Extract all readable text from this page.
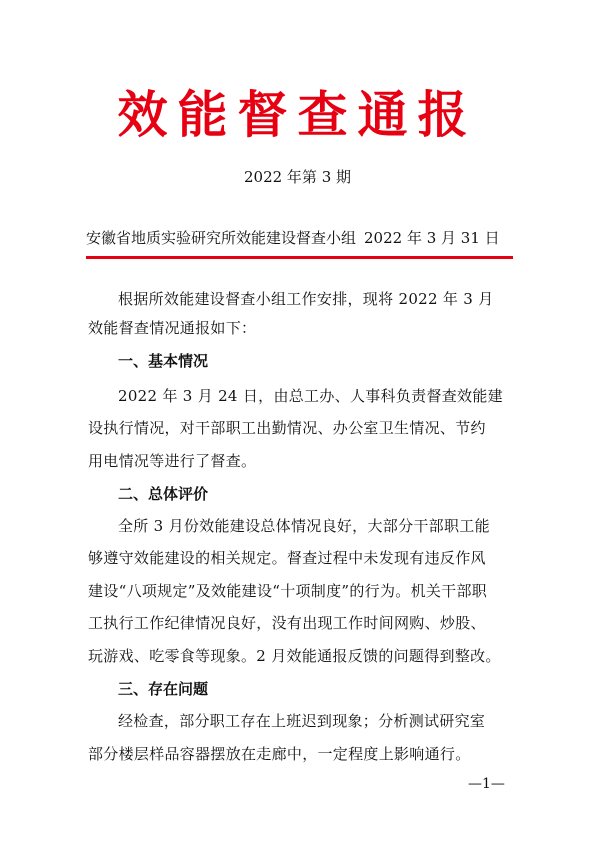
效能督查通报
2022 年第 3 期
安徽省地质实验研究所效能建设督查小组 2022 年 3 月 31 日
根据所效能建设督查小组工作安排，现将 2022 年 3 月
效能督查情况通报如下：
一、基本情况
2022 年 3 月 24 日，由总工办、人事科负责督查效能建
设执行情况，对干部职工出勤情况、办公室卫生情况、节约
用电情况等进行了督查。
二、总体评价
全所 3 月份效能建设总体情况良好，大部分干部职工能
够遵守效能建设的相关规定。督查过程中未发现有违反作风
建设“八项规定”及效能建设“十项制度”的行为。机关干部职
工执行工作纪律情况良好，没有出现工作时间网购、炒股、
玩游戏、吃零食等现象。2 月效能通报反馈的问题得到整改。
三、存在问题
经检查，部分职工存在上班迟到现象；分析测试研究室
部分楼层样品容器摆放在走廊中，一定程度上影响通行。
—1—
